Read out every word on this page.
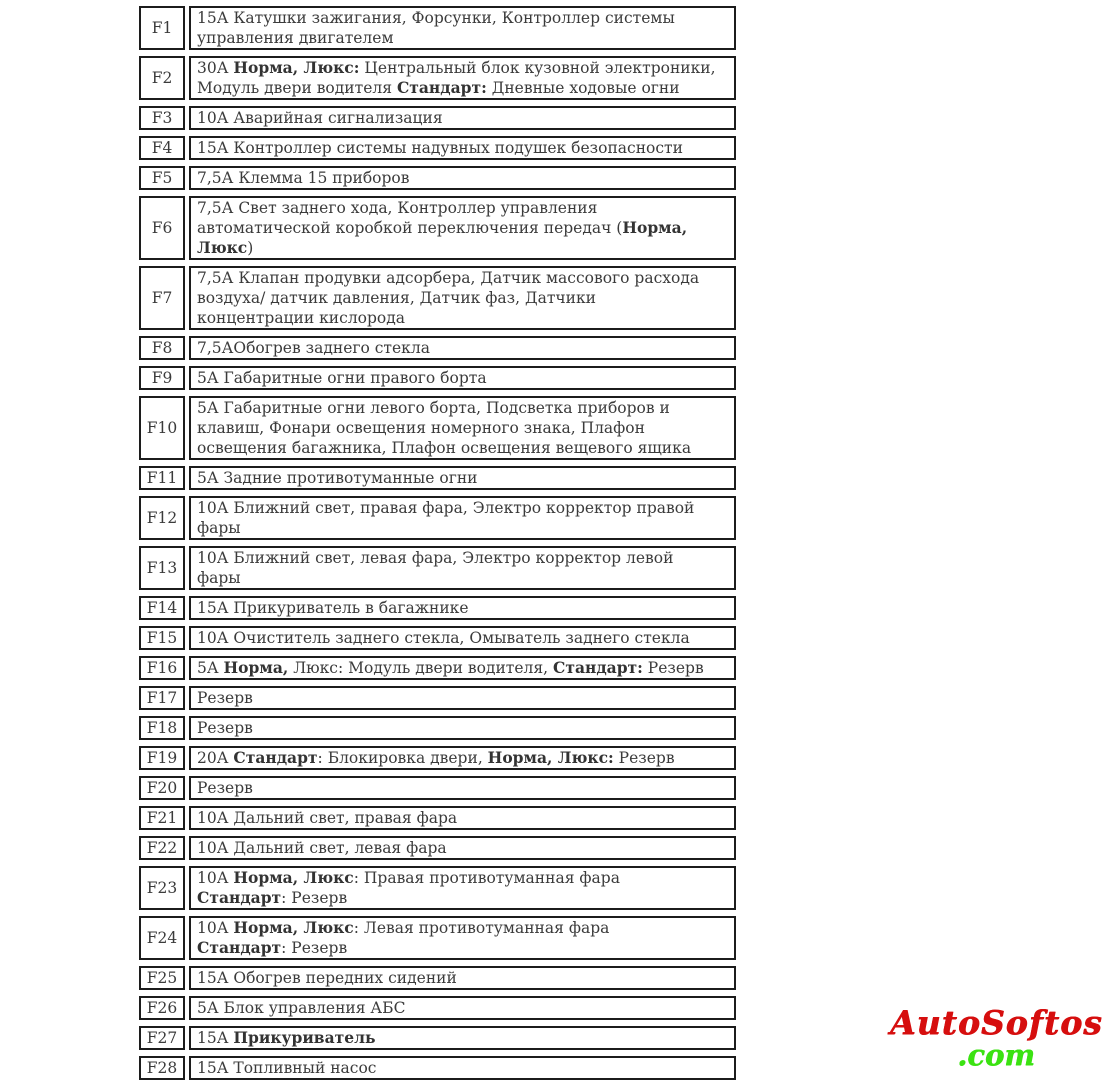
F1	15А Катушки зажигания, Форсунки, Контроллер системы
управления двигателем

F2	30А Норма, Люкс: Центральный блок кузовной электроники,
Модуль двери водителя Стандарт: Дневные ходовые огни

F3	10А Аварийная сигнализация

F4	15А Контроллер системы надувных подушек безопасности

F5	7,5А Клемма 15 приборов

F6	7,5А Свет заднего хода, Контроллер управления
автоматической коробкой переключения передач (Норма,
Люкс)

F7	7,5А Клапан продувки адсорбера, Датчик массового расхода
воздуха/ датчик давления, Датчик фаз, Датчики
концентрации кислорода

F8	7,5АОбогрев заднего стекла

F9	5А Габаритные огни правого борта

F10	5А Габаритные огни левого борта, Подсветка приборов и
клавиш, Фонари освещения номерного знака, Плафон
освещения багажника, Плафон освещения вещевого ящика

F11	5А Задние противотуманные огни

F12	10А Ближний свет, правая фара, Электро корректор правой
фары

F13	10А Ближний свет, левая фара, Электро корректор левой
фары

F14	15А Прикуриватель в багажнике

F15	10А Очиститель заднего стекла, Омыватель заднего стекла

F16	5А Норма, Люкс: Модуль двери водителя, Стандарт: Резерв

F17	Резерв

F18	Резерв

F19	20А Стандарт: Блокировка двери, Норма, Люкс: Резерв

F20	Резерв

F21	10А Дальний свет, правая фара

F22	10А Дальний свет, левая фара

F23	10А Норма, Люкс: Правая противотуманная фара
Стандарт: Резерв

F24	10А Норма, Люкс: Левая противотуманная фара
Стандарт: Резерв

F25	15А Обогрев передних сидений

F26	5А Блок управления АБС

F27	15А Прикуриватель

F28	15А Топливный насос
AutoSoftos
.com
